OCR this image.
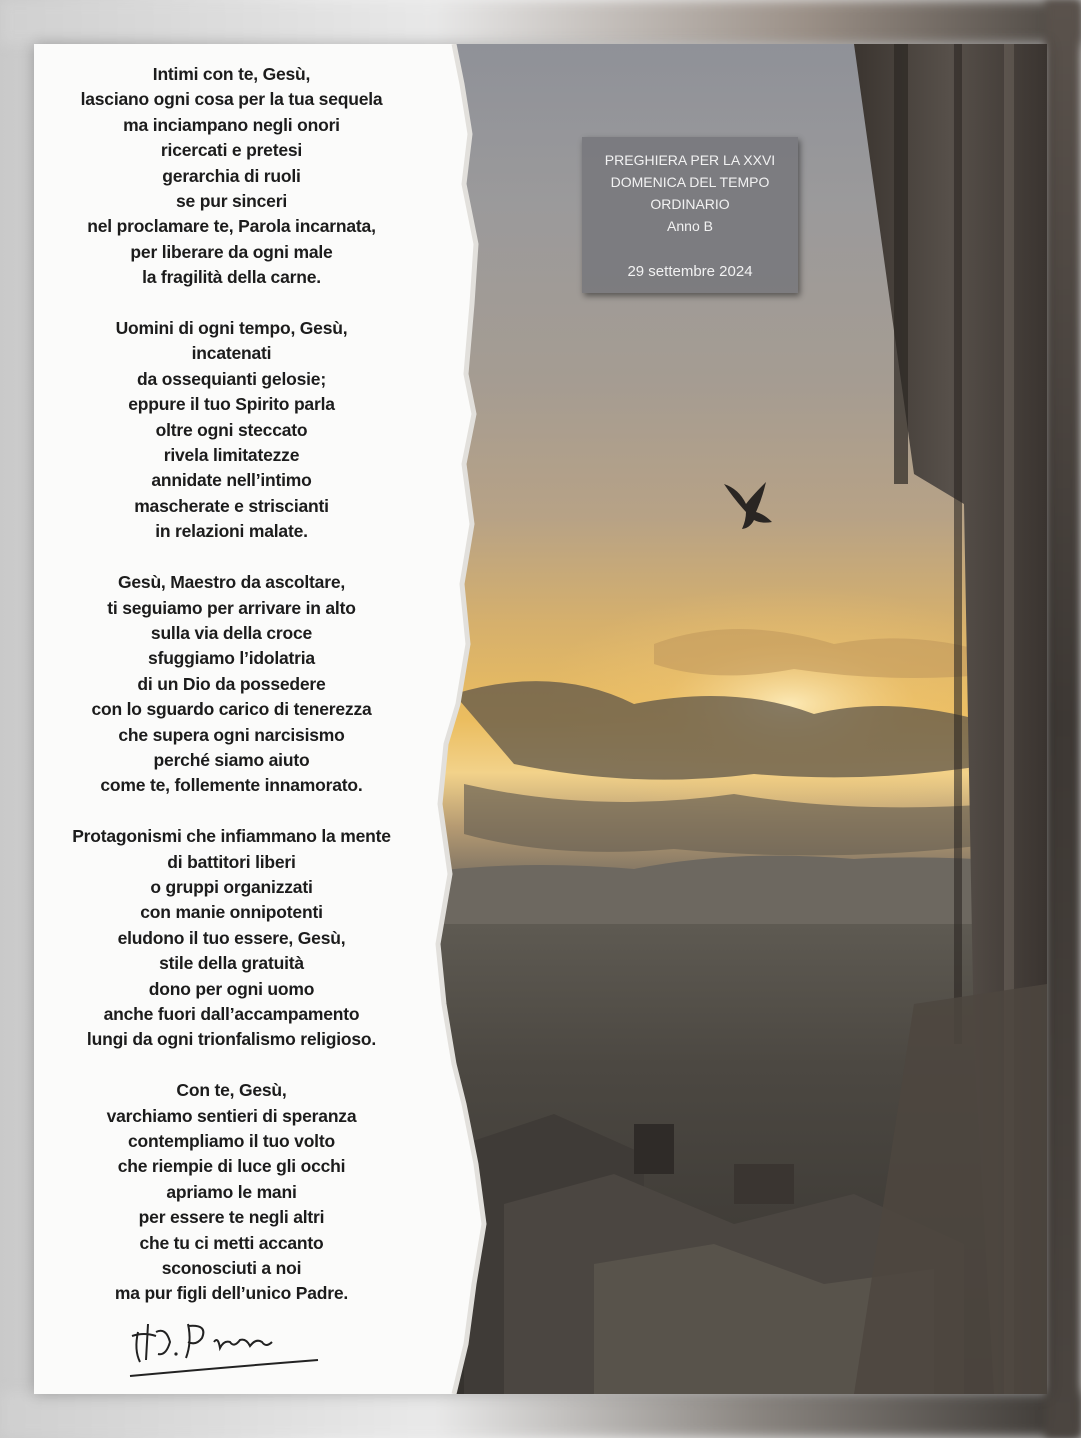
Intimi con te, Gesù,
lasciano ogni cosa per la tua sequela
ma inciampano negli onori
ricercati e pretesi
gerarchia di ruoli
se pur sinceri
nel proclamare te, Parola incarnata,
per liberare da ogni male
la fragilità della carne.
Uomini di ogni tempo, Gesù,
incatenati
da ossequianti gelosie;
eppure il tuo Spirito parla
oltre ogni steccato
rivela limitatezze
annidate nell’intimo
mascherate e striscianti
in relazioni malate.
Gesù, Maestro da ascoltare,
ti seguiamo per arrivare in alto
sulla via della croce
sfuggiamo l’idolatria
di un Dio da possedere
con lo sguardo carico di tenerezza
che supera ogni narcisismo
perché siamo aiuto
come te, follemente innamorato.
Protagonismi che infiammano la mente
di battitori liberi
o gruppi organizzati
con manie onnipotenti
eludono il tuo essere, Gesù,
stile della gratuità
dono per ogni uomo
anche fuori dall’accampamento
lungi da ogni trionfalismo religioso.
Con te, Gesù,
varchiamo sentieri di speranza
contempliamo il tuo volto
che riempie di luce gli occhi
apriamo le mani
per essere te negli altri
che tu ci metti accanto
sconosciuti a noi
ma pur figli dell’unico Padre.
PREGHIERA PER LA XXVI
DOMENICA DEL TEMPO
ORDINARIO
Anno B
29 settembre 2024
